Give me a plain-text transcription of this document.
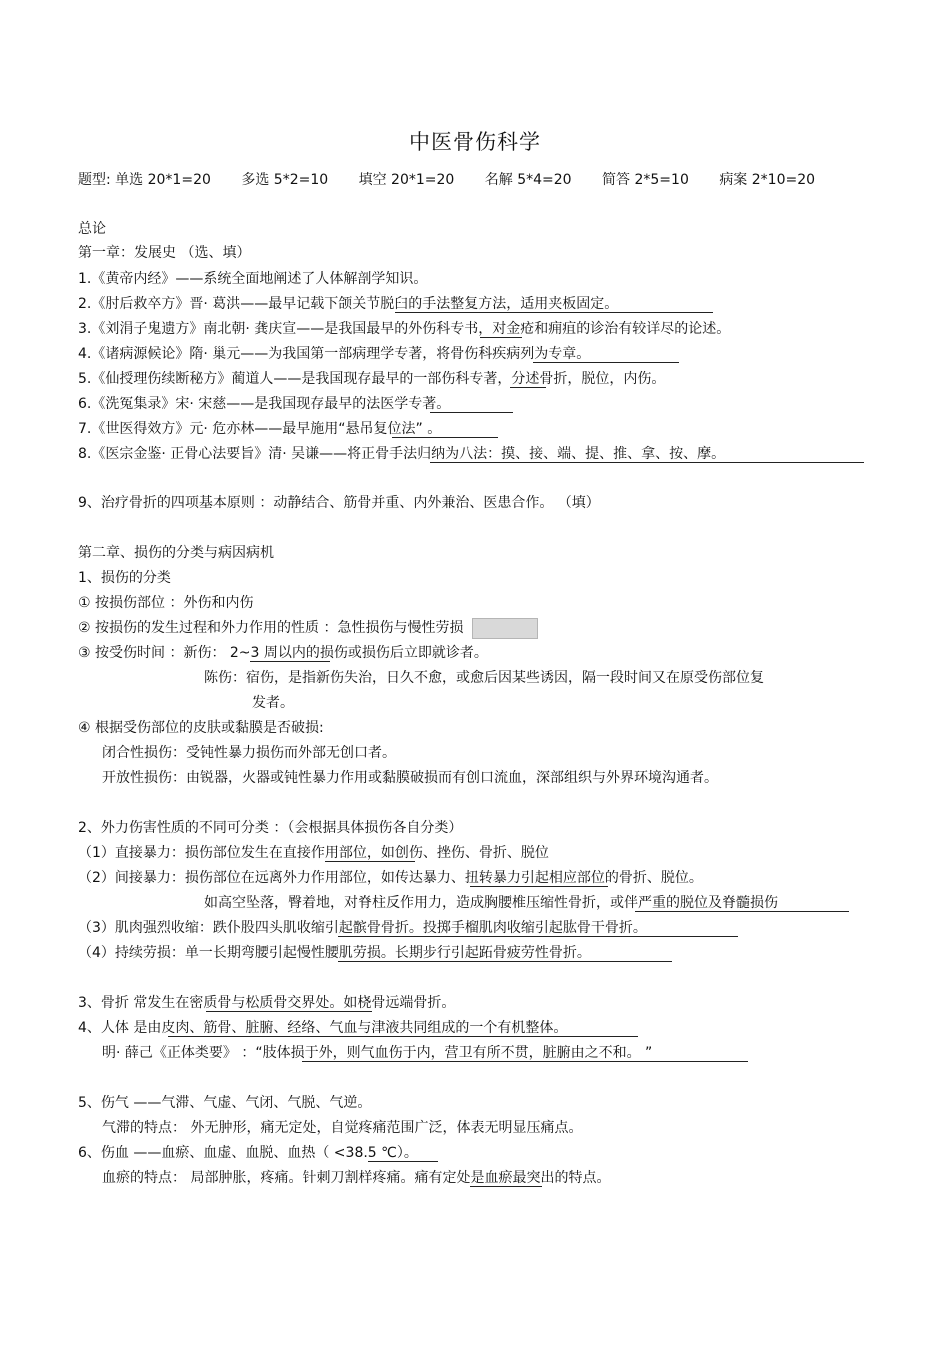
中医骨伤科学
题型: 单选 20*1=20 多选 5*2=10 填空 20*1=20 名解 5*4=20 简答 2*5=10 病案 2*10=20
总论
第一章：发展史 （选、填）
1.《黄帝内经》——系统全面地阐述了人体解剖学知识。
2.《肘后救卒方》晋· 葛洪——最早记载下颌关节脱臼的手法整复方法，适用夹板固定。
3.《刘涓子鬼遗方》南北朝· 龚庆宣——是我国最早的外伤科专书，对金疮和痈疽的诊治有较详尽的论述。
4.《诸病源候论》隋· 巢元——为我国第一部病理学专著，将骨伤科疾病列为专章。
5.《仙授理伤续断秘方》蔺道人——是我国现存最早的一部伤科专著，分述骨折，脱位，内伤。
6.《洗冤集录》宋· 宋慈——是我国现存最早的法医学专著。
7.《世医得效方》元· 危亦林——最早施用“悬吊复位法” 。
8.《医宗金鉴· 正骨心法要旨》清· 吴谦——将正骨手法归纳为八法：摸、接、端、提、推、拿、按、摩。
9、治疗骨折的四项基本原则 ：动静结合、筋骨并重、内外兼治、医患合作。 （填）
第二章、损伤的分类与病因病机
1、损伤的分类
① 按损伤部位 ：外伤和内伤
② 按损伤的发生过程和外力作用的性质 ：急性损伤与慢性劳损
③ 按受伤时间 ：新伤： 2~3 周以内的损伤或损伤后立即就诊者。
陈伤：宿伤，是指新伤失治，日久不愈，或愈后因某些诱因，隔一段时间又在原受伤部位复
发者。
④ 根据受伤部位的皮肤或黏膜是否破损:
闭合性损伤：受钝性暴力损伤而外部无创口者。
开放性损伤：由锐器，火器或钝性暴力作用或黏膜破损而有创口流血，深部组织与外界环境沟通者。
2、外力伤害性质的不同可分类 ：（会根据具体损伤各自分类）
（1）直接暴力：损伤部位发生在直接作用部位，如创伤、挫伤、骨折、脱位
（2）间接暴力：损伤部位在远离外力作用部位，如传达暴力、扭转暴力引起相应部位的骨折、脱位。
如高空坠落，臀着地，对脊柱反作用力，造成胸腰椎压缩性骨折，或伴严重的脱位及脊髓损伤
（3）肌肉强烈收缩：跌仆股四头肌收缩引起髌骨骨折。投掷手榴肌肉收缩引起肱骨干骨折。
（4）持续劳损：单一长期弯腰引起慢性腰肌劳损。长期步行引起跖骨疲劳性骨折。
3、骨折 常发生在密质骨与松质骨交界处。如桡骨远端骨折。
4、人体 是由皮肉、筋骨、脏腑、经络、气血与津液共同组成的一个有机整体。
明· 薛己《正体类要》 ：“肢体损于外，则气血伤于内，营卫有所不贯，脏腑由之不和。 ”
5、伤气 ——气滞、气虚、气闭、气脱、气逆。
气滞的特点： 外无肿形，痛无定处，自觉疼痛范围广泛，体表无明显压痛点。
6、伤血 ——血瘀、血虚、血脱、血热（ <38.5 ℃）。
血瘀的特点： 局部肿胀，疼痛。针刺刀割样疼痛。痛有定处是血瘀最突出的特点。
